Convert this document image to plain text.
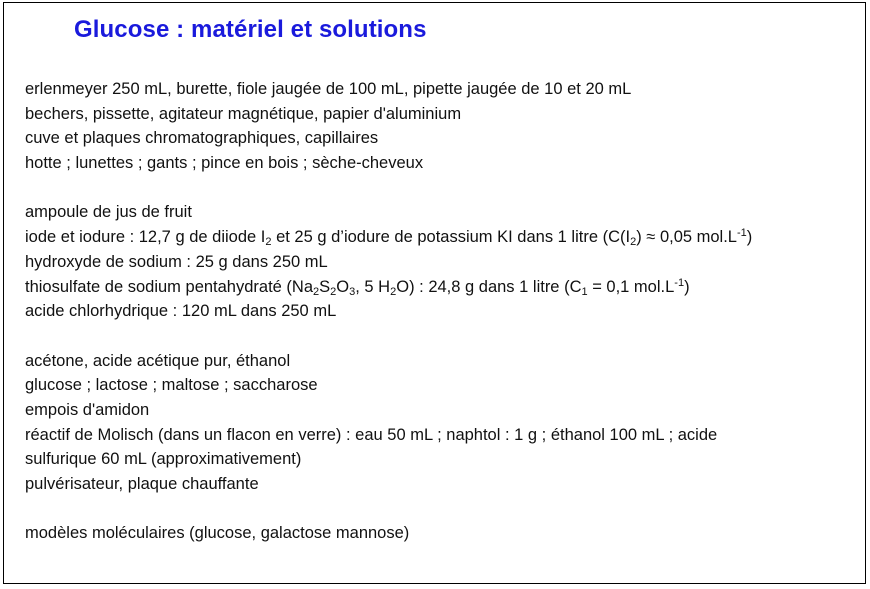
Glucose : matériel et solutions
erlenmeyer 250 mL, burette, fiole jaugée de 100 mL, pipette jaugée de 10 et 20 mL
bechers, pissette, agitateur magnétique, papier d'aluminium
cuve et plaques chromatographiques, capillaires
hotte ; lunettes ; gants ; pince en bois ; sèche-cheveux
ampoule de jus de fruit
iode et iodure : 12,7 g de diiode $I_2$ et 25 g d’iodure de potassium KI dans 1 litre ($C(I_2) \approx 0,05$ $mol.L^{-1}$)
hydroxyde de sodium : 25 g dans 250 mL
thiosulfate de sodium pentahydraté ($Na_2S_2O_3$, 5 $H_2O$) : 24,8 g dans 1 litre ($C_1 = 0,1$ $mol.L^{-1}$)
acide chlorhydrique : 120 mL dans 250 mL
acétone, acide acétique pur, éthanol
glucose ; lactose ; maltose ; saccharose
empois d'amidon
réactif de Molisch (dans un flacon en verre) : eau 50 mL ; naphtol : 1 g ; éthanol 100 mL ; acide
sulfurique 60 mL (approximativement)
pulvérisateur, plaque chauffante
modèles moléculaires (glucose, galactose mannose)
